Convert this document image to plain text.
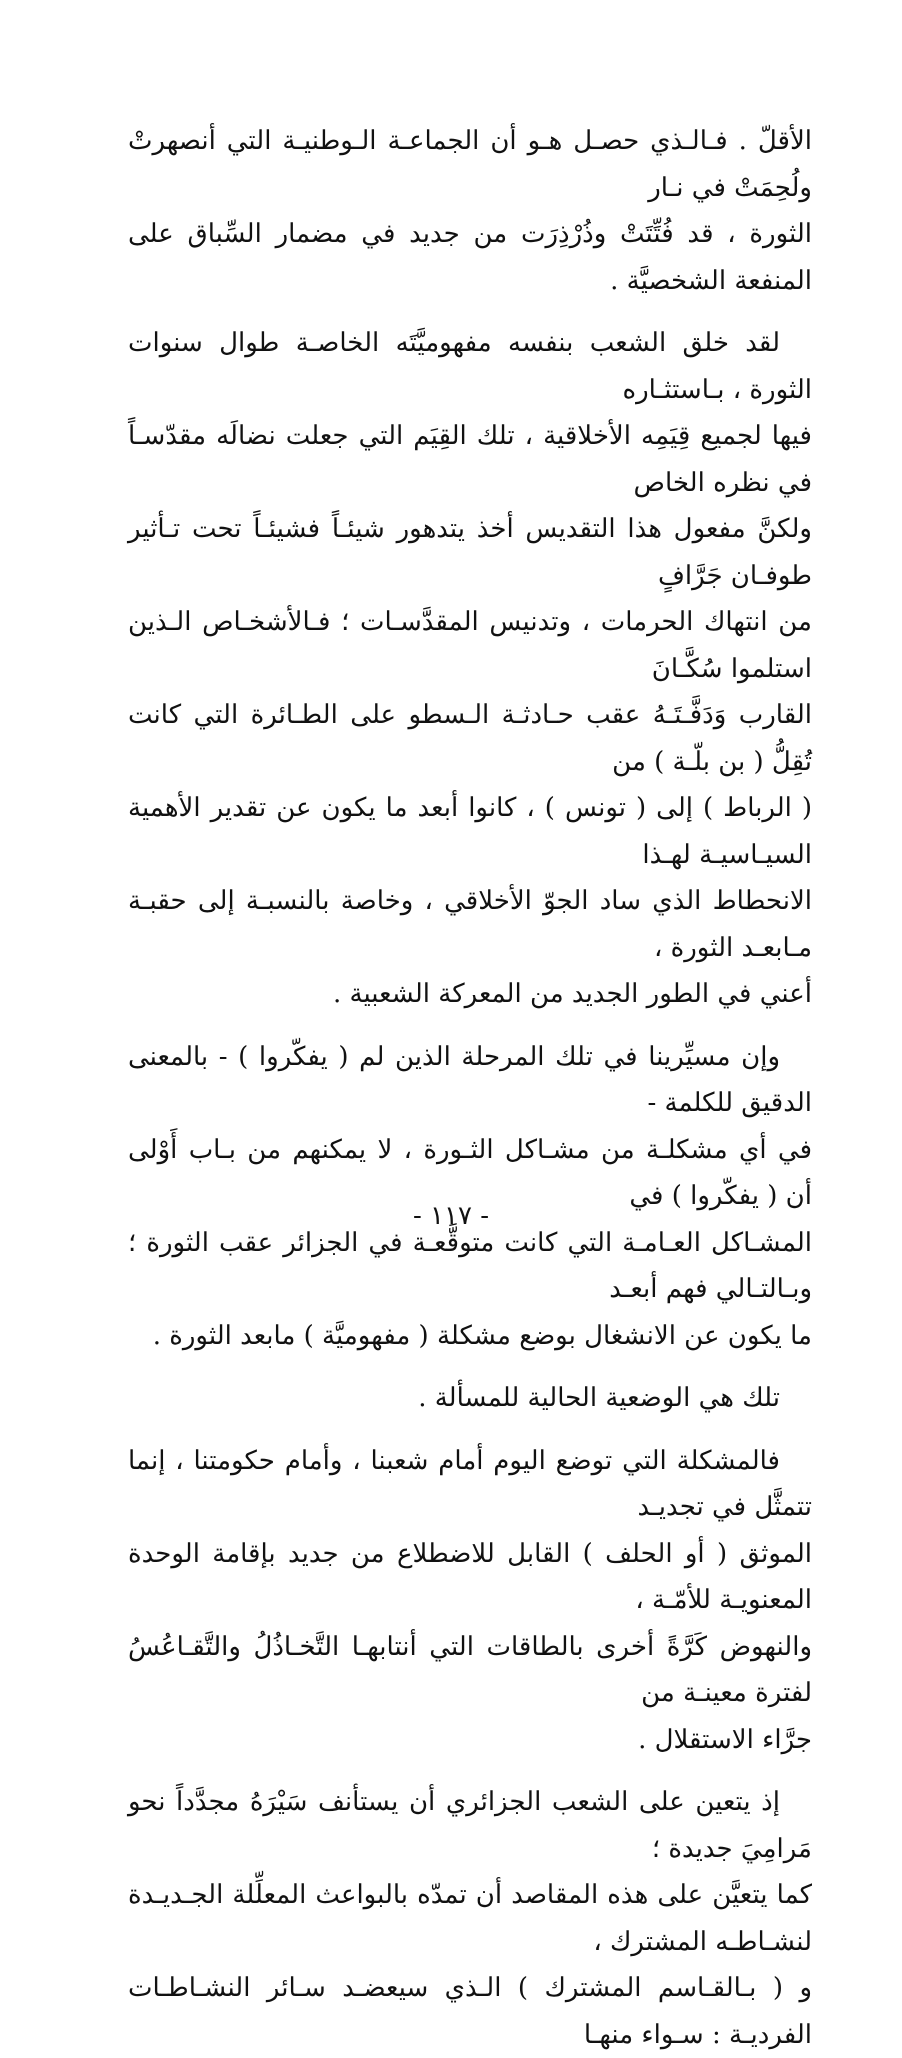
الأقلّ . فـالـذي حصـل هـو أن الجماعـة الـوطنيـة التي أنصهرتْ ولُحِمَتْ في نـار
الثورة ، قد فُتِّتَتْ وذُرْذِرَت من جديد في مضمار السِّباق على المنفعة الشخصيَّة .

لقد خلق الشعب بنفسه مفهوميَّتَه الخاصـة طوال سنوات الثورة ، بـاستثـاره
فيها لجميع قِيَمِه الأخلاقية ، تلك القِيَم التي جعلت نضالَه مقدّسـاً في نظره الخاص
ولكنَّ مفعول هذا التقديس أخذ يتدهور شيئـاً فشيئـاً تحت تـأثير طوفـان جَرَّافٍ
من انتهاك الحرمات ، وتدنيس المقدَّسـات ؛ فـالأشخـاص الـذين استلموا سُكَّـانَ
القارب وَدَفَّـتَـهُ عقب حـادثـة الـسطو على الطـائرة التي كانت تُقِلُّ ( بن بلّـة ) من
( الرباط ) إلى ( تونس ) ، كانوا أبعد ما يكون عن تقدير الأهمية السيـاسيـة لهـذا
الانحطاط الذي ساد الجوّ الأخلاقي ، وخاصة بالنسبـة إلى حقبـة مـابعـد الثورة ،
أعني في الطور الجديد من المعركة الشعبية .

وإن مسيِّرينا في تلك المرحلة الذين لم ( يفكّروا ) - بالمعنى الدقيق للكلمة -
في أي مشكلـة من مشـاكل الثـورة ، لا يمكنهم من بـاب أَوْلى أن ( يفكّروا ) في
المشـاكل العـامـة التي كانت متوقَّعـة في الجزائر عقب الثورة ؛ وبـالتـالي فهم أبعـد
ما يكون عن الانشغال بوضع مشكلة ( مفهوميَّة ) مابعد الثورة .

تلك هي الوضعية الحالية للمسألة .

فالمشكلة التي توضع اليوم أمام شعبنا ، وأمام حكومتنا ، إنما تتمثَّل في تجديـد
الموثق ( أو الحلف ) القابل للاضطلاع من جديد بإقامة الوحدة المعنويـة للأمّـة ،
والنهوض كَرَّةً أخرى بالطاقات التي أنتابهـا التَّخـاذُلُ والتَّقـاعُسُ لفترة معينـة من
جرَّاء الاستقلال .

إذ يتعين على الشعب الجزائري أن يستأنف سَيْرَهُ مجدَّداً نحو مَرامِيَ جديدة ؛
كما يتعيَّن على هذه المقاصد أن تمدّه بالبواعث المعلِّلة الجـديـدة لنشـاطـه المشترك ،
و ( بـالقـاسم المشترك ) الـذي سيعضـد سـائر النشـاطـات الفرديـة : سـواء منهـا

- ١١٧ -
